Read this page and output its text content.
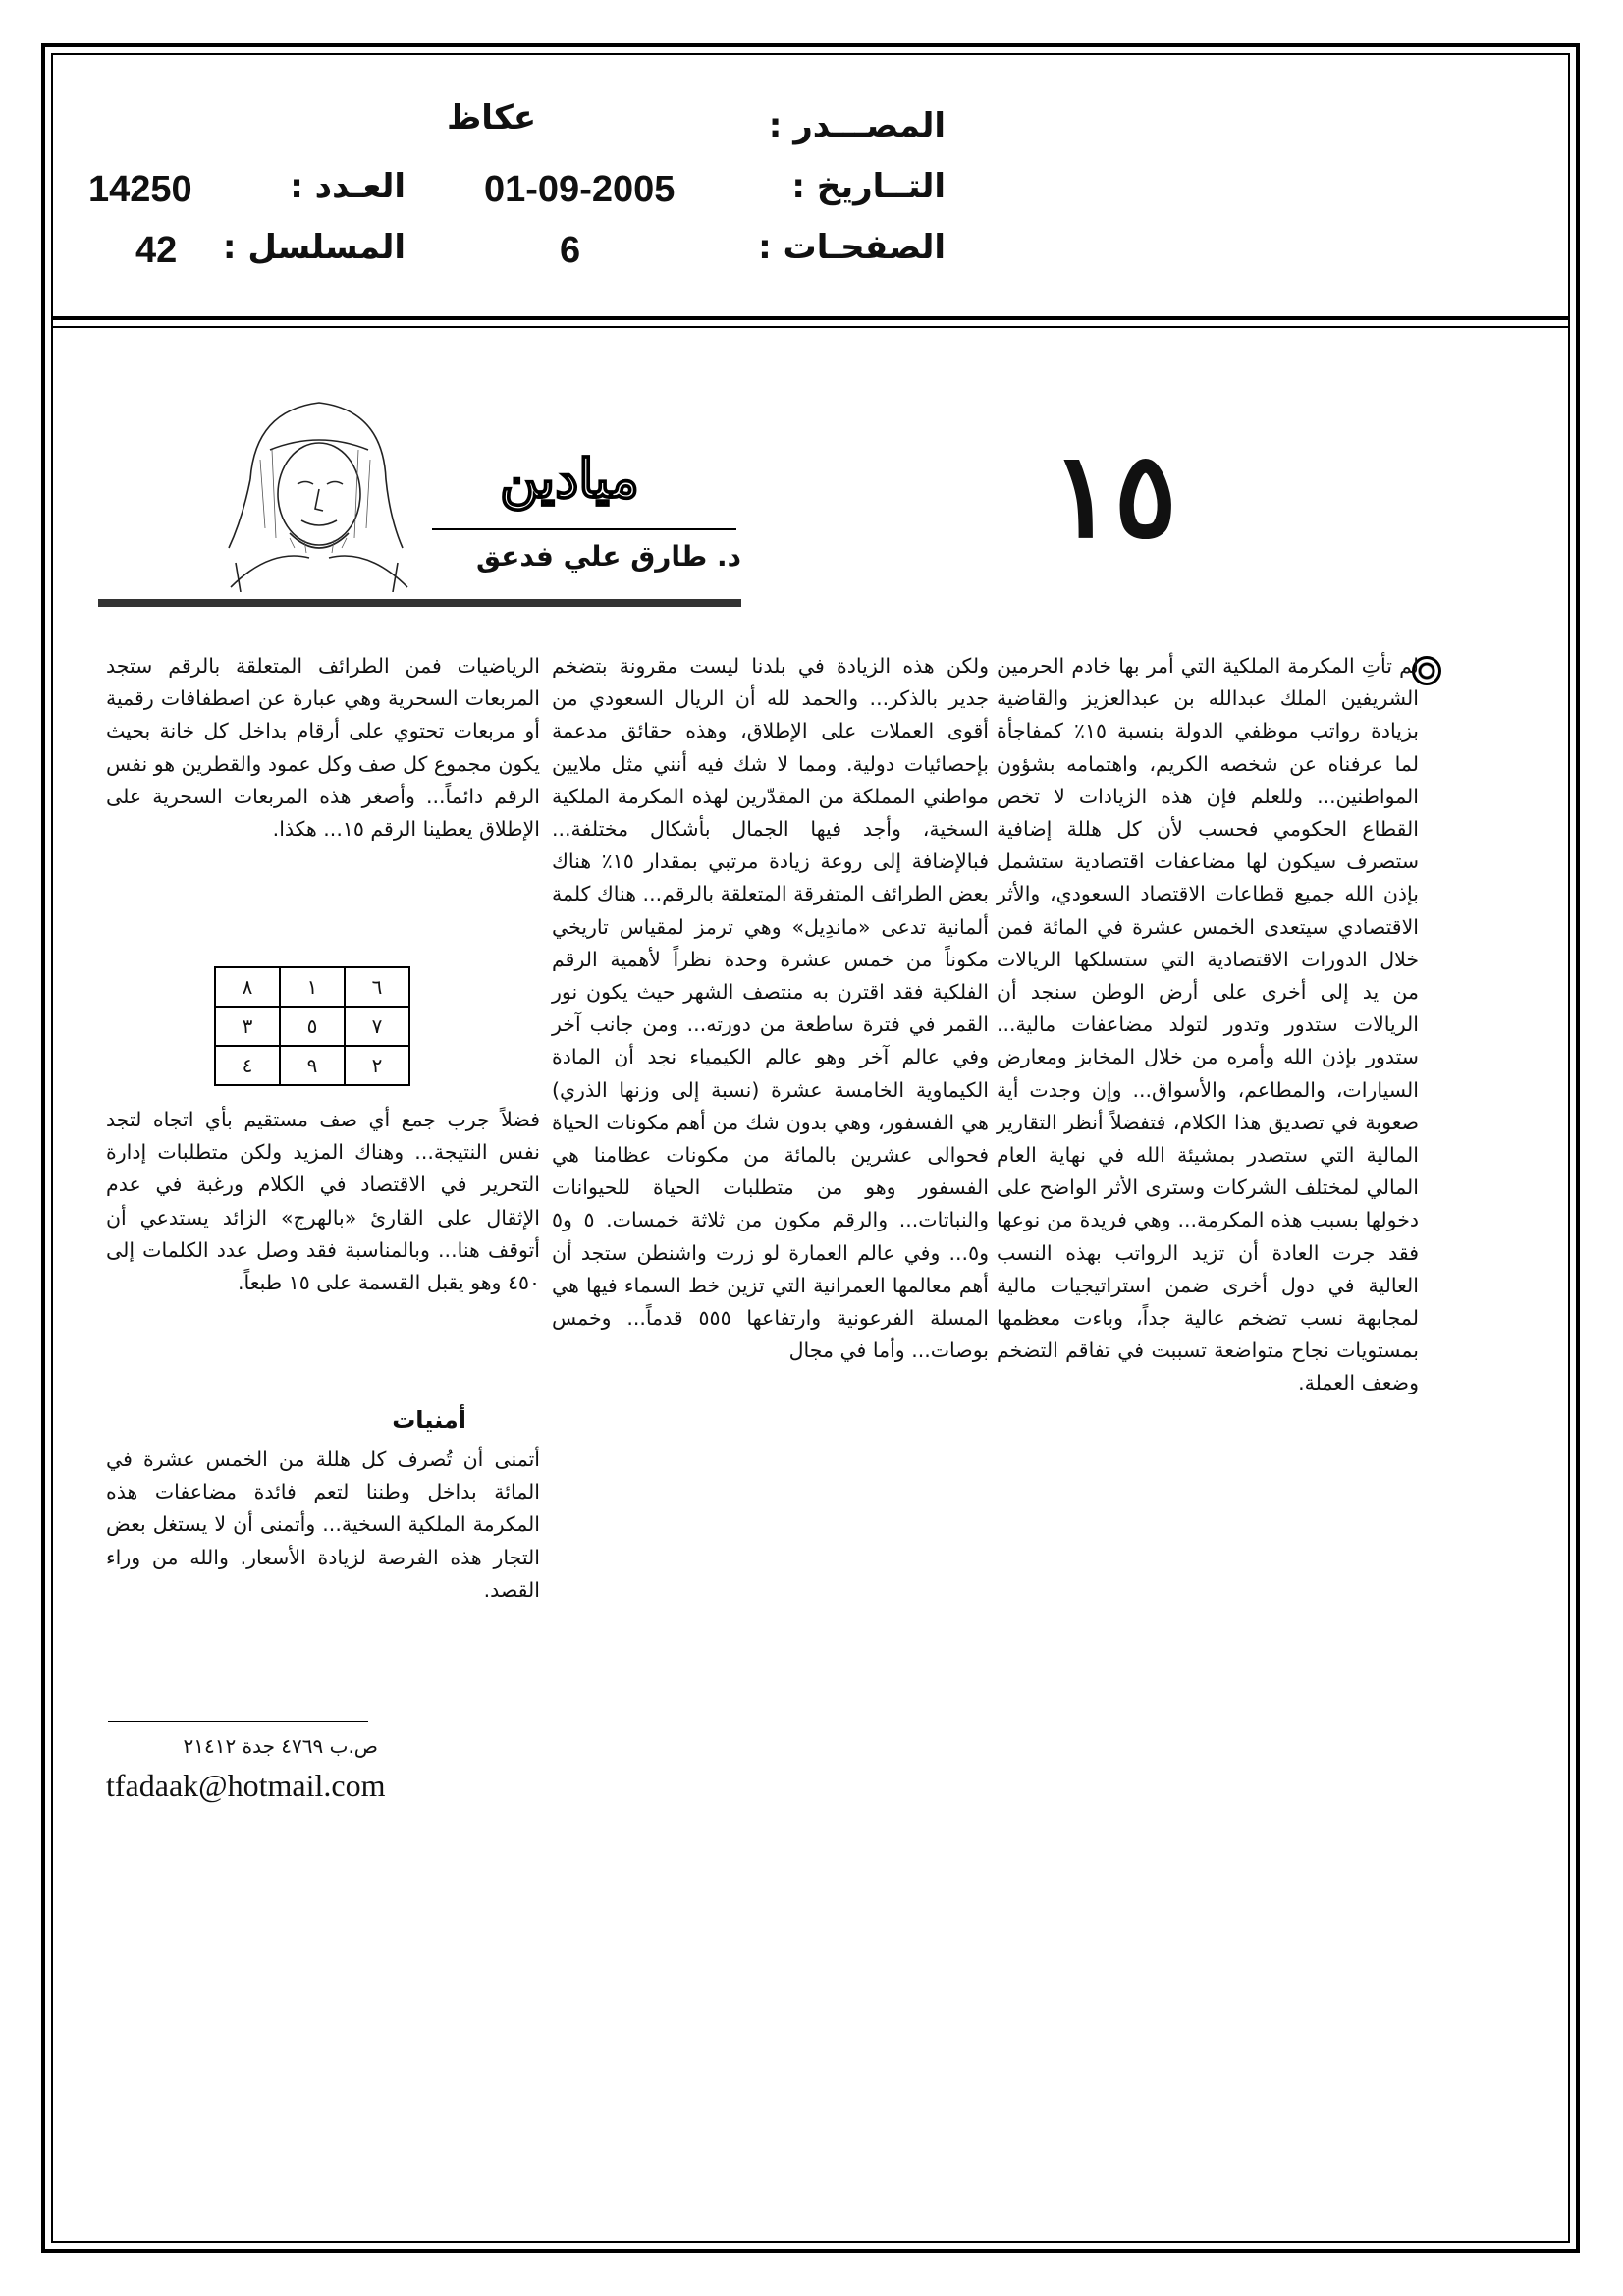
المصـــدر :
عكاظ
التــاريخ :
01-09-2005
العـدد :
14250
الصفحـات :
6
المسلسل :
42
١٥
ميادين
د. طارق علي فدعق

لم تأتِ المكرمة الملكية التي أمر بها خادم الحرمين الشريفين الملك عبدالله بن عبدالعزيز والقاضية بزيادة رواتب موظفي الدولة بنسبة ١٥٪ كمفاجأة لما عرفناه عن شخصه الكريم، واهتمامه بشؤون المواطنين... وللعلم فإن هذه الزيادات لا تخص القطاع الحكومي فحسب لأن كل هللة إضافية ستصرف سيكون لها مضاعفات اقتصادية ستشمل بإذن الله جميع قطاعات الاقتصاد السعودي، والأثر الاقتصادي سيتعدى الخمس عشرة في المائة فمن خلال الدورات الاقتصادية التي ستسلكها الريالات من يد إلى أخرى على أرض الوطن سنجد أن الريالات ستدور وتدور لتولد مضاعفات مالية... ستدور بإذن الله وأمره من خلال المخابز ومعارض السيارات، والمطاعم، والأسواق... وإن وجدت أية صعوبة في تصديق هذا الكلام، فتفضلاً أنظر التقارير المالية التي ستصدر بمشيئة الله في نهاية العام المالي لمختلف الشركات وسترى الأثر الواضح على دخولها بسبب هذه المكرمة... وهي فريدة من نوعها فقد جرت العادة أن تزيد الرواتب بهذه النسب العالية في دول أخرى ضمن استراتيجيات مالية لمجابهة نسب تضخم عالية جداً، وباءت معظمها بمستويات نجاح متواضعة تسببت في تفاقم التضخم وضعف العملة.

ولكن هذه الزيادة في بلدنا ليست مقرونة بتضخم جدير بالذكر... والحمد لله أن الريال السعودي من أقوى العملات على الإطلاق، وهذه حقائق مدعمة بإحصائيات دولية. ومما لا شك فيه أنني مثل ملايين مواطني المملكة من المقدّرين لهذه المكرمة الملكية السخية، وأجد فيها الجمال بأشكال مختلفة... فبالإضافة إلى روعة زيادة مرتبي بمقدار ١٥٪ هناك بعض الطرائف المتفرقة المتعلقة بالرقم... هناك كلمة ألمانية تدعى «ماندِيل» وهي ترمز لمقياس تاريخي مكوناً من خمس عشرة وحدة نظراً لأهمية الرقم الفلكية فقد اقترن به منتصف الشهر حيث يكون نور القمر في فترة ساطعة من دورته... ومن جانب آخر وفي عالم آخر وهو عالم الكيمياء نجد أن المادة الكيماوية الخامسة عشرة (نسبة إلى وزنها الذري) هي الفسفور، وهي بدون شك من أهم مكونات الحياة فحوالى عشرين بالمائة من مكونات عظامنا هي الفسفور وهو من متطلبات الحياة للحيوانات والنباتات... والرقم مكون من ثلاثة خمسات. ٥ و٥ و٥... وفي عالم العمارة لو زرت واشنطن ستجد أن أهم معالمها العمرانية التي تزين خط السماء فيها هي المسلة الفرعونية وارتفاعها ٥٥٥ قدماً... وخمس بوصات... وأما في مجال

الرياضيات فمن الطرائف المتعلقة بالرقم ستجد المربعات السحرية وهي عبارة عن اصطفافات رقمية أو مربعات تحتوي على أرقام بداخل كل خانة بحيث يكون مجموع كل صف وكل عمود والقطرين هو نفس الرقم دائماً... وأصغر هذه المربعات السحرية على الإطلاق يعطينا الرقم ١٥... هكذا.

٨	١	٦
٣	٥	٧
٤	٩	٢

فضلاً جرب جمع أي صف مستقيم بأي اتجاه لتجد نفس النتيجة... وهناك المزيد ولكن متطلبات إدارة التحرير في الاقتصاد في الكلام ورغبة في عدم الإثقال على القارئ «بالهرج» الزائد يستدعي أن أتوقف هنا... وبالمناسبة فقد وصل عدد الكلمات إلى ٤٥٠ وهو يقبل القسمة على ١٥ طبعاً.

أمنيات

أتمنى أن تُصرف كل هللة من الخمس عشرة في المائة بداخل وطننا لتعم فائدة مضاعفات هذه المكرمة الملكية السخية... وأتمنى أن لا يستغل بعض التجار هذه الفرصة لزيادة الأسعار. والله من وراء القصد.

ص.ب ٤٧٦٩ جدة ٢١٤١٢
tfadaak@hotmail.com
